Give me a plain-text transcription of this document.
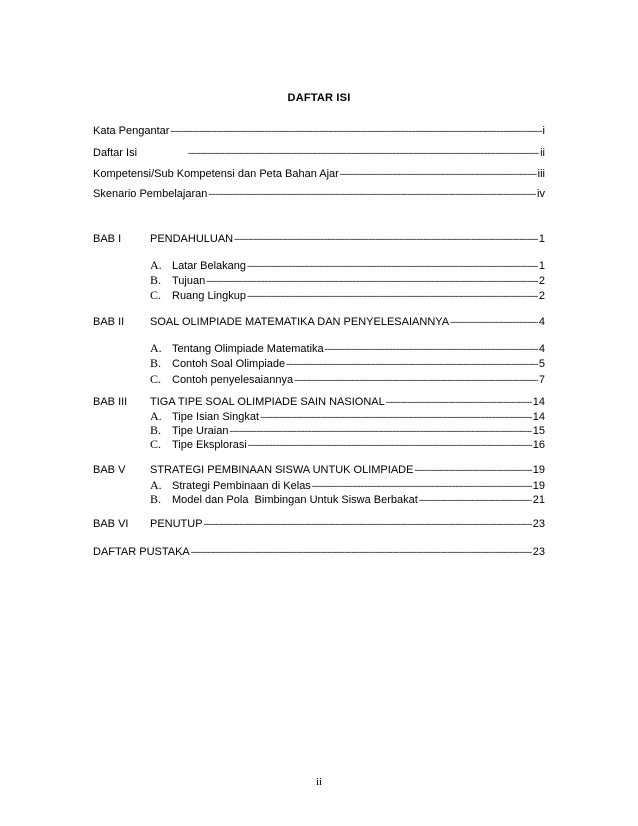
DAFTAR ISI
Kata Pengantar -----	i
Daftar Isi -----	ii
Kompetensi/Sub Kompetensi dan Peta Bahan Ajar -----	iii
Skenario Pembelajaran -----	iv
BAB I	PENDAHULUAN -----	1
A. Latar Belakang -----	1
B. Tujuan -----	2
C. Ruang Lingkup -----	2
BAB II SOAL OLIMPIADE MATEMATIKA DAN PENYELESAIANNYA -----	4
A. Tentang Olimpiade Matematika -----	4
B. Contoh Soal Olimpiade -----	5
C. Contoh penyelesaiannya -----	7
BAB III TIGA TIPE SOAL OLIMPIADE SAIN NASIONAL -----	14
A. Tipe Isian Singkat -----	14
B. Tipe Uraian -----	15
C. Tipe Eksplorasi -----	16
BAB V STRATEGI PEMBINAAN SISWA UNTUK OLIMPIADE -----	19
A. Strategi Pembinaan di Kelas -----	19
B. Model dan Pola  Bimbingan Untuk Siswa Berbakat -----	21
BAB VI PENUTUP -----	23
DAFTAR PUSTAKA -----	23
ii
